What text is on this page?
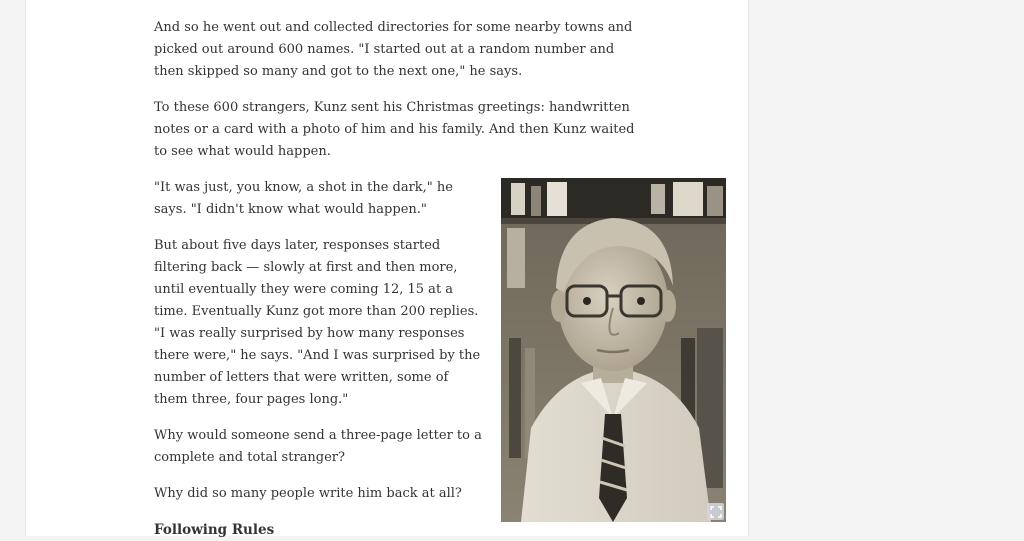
And so he went out and collected directories for some nearby towns and picked out around 600 names. "I started out at a random number and then skipped so many and got to the next one," he says.

To these 600 strangers, Kunz sent his Christmas greetings: handwritten notes or a card with a photo of him and his family. And then Kunz waited to see what would happen.

"It was just, you know, a shot in the dark," he says. "I didn't know what would happen."

But about five days later, responses started filtering back — slowly at first and then more, until eventually they were coming 12, 15 at a time. Eventually Kunz got more than 200 replies. "I was really surprised by how many responses there were," he says. "And I was surprised by the number of letters that were written, some of them three, four pages long."

Why would someone send a three-page letter to a complete and total stranger?

Why did so many people write him back at all?

Following Rules
